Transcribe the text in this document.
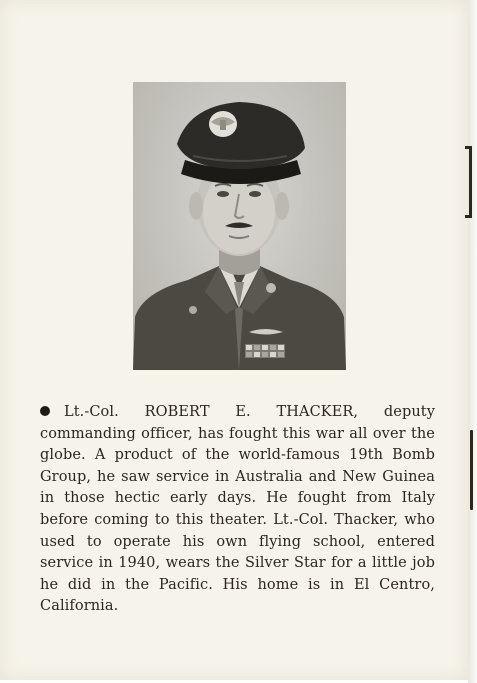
Lt.-Col. ROBERT E. THACKER, deputy commanding officer, has fought this war all over the globe. A product of the world-famous 19th Bomb Group, he saw service in Australia and New Guinea in those hectic early days. He fought from Italy before coming to this theater. Lt.-Col. Thacker, who used to operate his own flying school, entered service in 1940, wears the Silver Star for a little job he did in the Pacific. His home is in El Centro, California.
